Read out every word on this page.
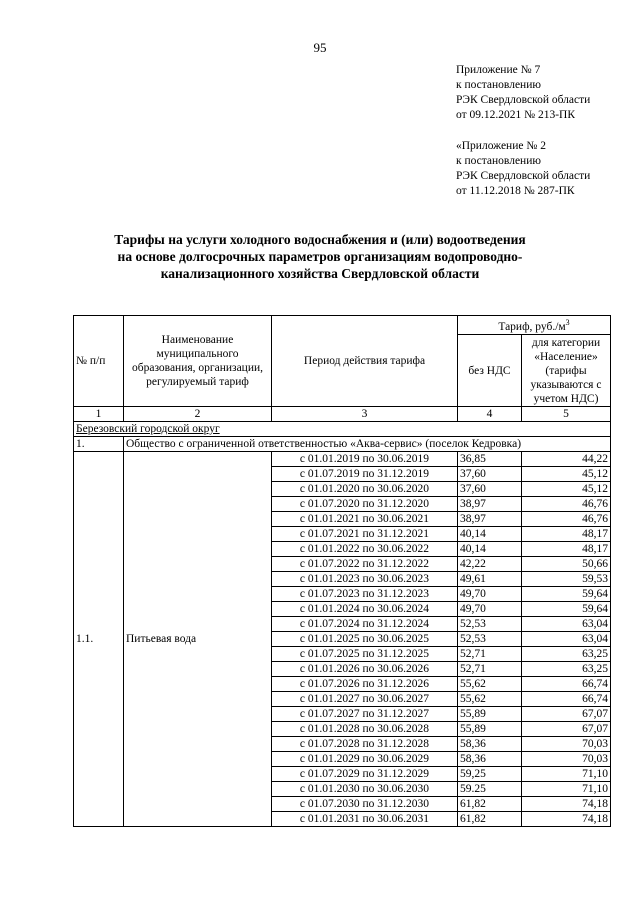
95
Приложение № 7
к постановлению
РЭК Свердловской области
от 09.12.2021 № 213-ПК
«Приложение № 2
к постановлению
РЭК Свердловской области
от 11.12.2018 № 287-ПК
Тарифы на услуги холодного водоснабжения и (или) водоотведения
на основе долгосрочных параметров организациям водопроводно-
канализационного хозяйства Свердловской области
№ п/п	Наименование муниципального образования, организации, регулируемый тариф	Период действия тарифа	Тариф, $руб./м^3$
			без НДС	для категории «Население» (тарифы указываются с учетом НДС)
1	2	3	4	5
Березовский городской округ				
1.	Общество с ограниченной ответственностью «Аква-сервис» (поселок Кедровка)			
1.1.	Питьевая вода	с 01.01.2019 по 30.06.2019	36,85	44,22
		с 01.07.2019 по 31.12.2019	37,60	45,12
		с 01.01.2020 по 30.06.2020	37,60	45,12
		с 01.07.2020 по 31.12.2020	38,97	46,76
		с 01.01.2021 по 30.06.2021	38,97	46,76
		с 01.07.2021 по 31.12.2021	40,14	48,17
		с 01.01.2022 по 30.06.2022	40,14	48,17
		с 01.07.2022 по 31.12.2022	42,22	50,66
		с 01.01.2023 по 30.06.2023	49,61	59,53
		с 01.07.2023 по 31.12.2023	49,70	59,64
		с 01.01.2024 по 30.06.2024	49,70	59,64
		с 01.07.2024 по 31.12.2024	52,53	63,04
		с 01.01.2025 по 30.06.2025	52,53	63,04
		с 01.07.2025 по 31.12.2025	52,71	63,25
		с 01.01.2026 по 30.06.2026	52,71	63,25
		с 01.07.2026 по 31.12.2026	55,62	66,74
		с 01.01.2027 по 30.06.2027	55,62	66,74
		с 01.07.2027 по 31.12.2027	55,89	67,07
		с 01.01.2028 по 30.06.2028	55,89	67,07
		с 01.07.2028 по 31.12.2028	58,36	70,03
		с 01.01.2029 по 30.06.2029	58,36	70,03
		с 01.07.2029 по 31.12.2029	59,25	71,10
		с 01.01.2030 по 30.06.2030	59.25	71,10
		с 01.07.2030 по 31.12.2030	61,82	74,18
		с 01.01.2031 по 30.06.2031	61,82	74,18
